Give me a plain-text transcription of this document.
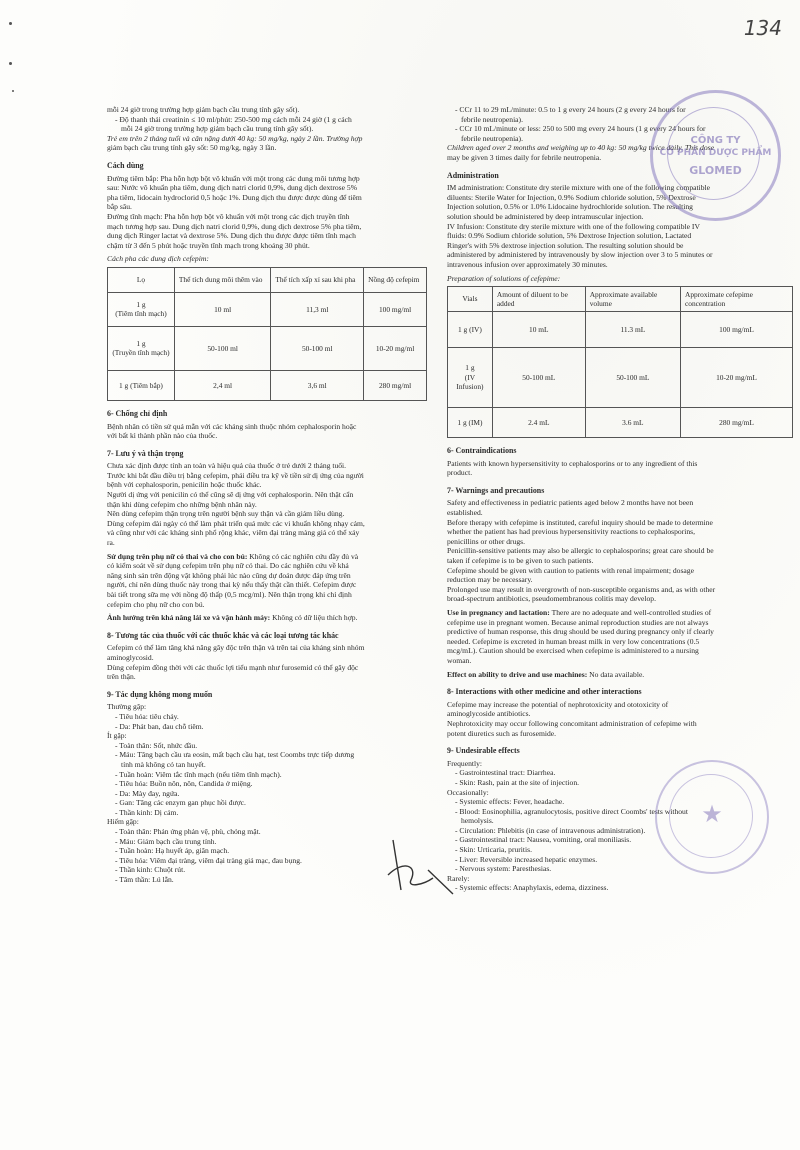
134

mỗi 24 giờ trong trường hợp giảm bạch cầu trung tính gây sốt).

- Độ thanh thải creatinin ≤ 10 ml/phút: 250-500 mg cách mỗi 24 giờ (1 g cách

mỗi 24 giờ trong trường hợp giảm bạch cầu trung tính gây sốt).

Trẻ em trên 2 tháng tuổi và cân nặng dưới 40 kg: 50 mg/kg, ngày 2 lần. Trường hợp

giảm bạch cầu trung tính gây sốt: 50 mg/kg, ngày 3 lần.

Cách dùng

Đường tiêm bắp: Pha hỗn hợp bột vô khuẩn với một trong các dung môi tương hợp

sau: Nước vô khuẩn pha tiêm, dung dịch natri clorid 0,9%, dung dịch dextrose 5%

pha tiêm, lidocain hydroclorid 0,5 hoặc 1%. Dung dịch thu được được dùng để tiêm

bắp sâu.

Đường tĩnh mạch: Pha hỗn hợp bột vô khuẩn với một trong các dịch truyền tĩnh

mạch tương hợp sau. Dung dịch natri clorid 0,9%, dung dịch dextrose 5% pha tiêm,

dung dịch Ringer lactat và dextrose 5%. Dung dịch thu được được tiêm tĩnh mạch

chậm từ 3 đến 5 phút hoặc truyền tĩnh mạch trong khoảng 30 phút.

Cách pha các dung dịch cefepim:

Lọ	Thể tích dung môi thêm vào	Thể tích xấp xỉ sau khi pha	Nồng độ cefepim

1 g
(Tiêm tĩnh mạch)	10 ml	11,3 ml	100 mg/ml

1 g
(Truyền tĩnh mạch)	50-100 ml	50-100 ml	10-20 mg/ml
1 g (Tiêm bắp)	2,4 ml	3,6 ml	280 mg/ml

6- Chống chỉ định

Bệnh nhân có tiền sử quá mẫn với các kháng sinh thuộc nhóm cephalosporin hoặc

với bất kì thành phần nào của thuốc.

7- Lưu ý và thận trọng

Chưa xác định được tính an toàn và hiệu quả của thuốc ở trẻ dưới 2 tháng tuổi.

Trước khi bắt đầu điều trị bằng cefepim, phải điều tra kỹ về tiền sử dị ứng của người

bệnh với cephalosporin, penicilin hoặc thuốc khác.

Người dị ứng với penicilin có thể cũng sẽ dị ứng với cephalosporin. Nên thật cẩn

thận khi dùng cefepim cho những bệnh nhân này.

Nên dùng cefepim thận trọng trên người bệnh suy thận và cần giảm liều dùng.

Dùng cefepim dài ngày có thể làm phát triển quá mức các vi khuẩn không nhạy cảm,

và cũng như với các kháng sinh phổ rộng khác, viêm đại tràng màng giả có thể xảy

ra.

Sử dụng trên phụ nữ có thai và cho con bú: Không có các nghiên cứu đầy đủ và

có kiểm soát về sử dụng cefepim trên phụ nữ có thai. Do các nghiên cứu về khả

năng sinh sản trên động vật không phải lúc nào cũng dự đoán được đáp ứng trên

người, chỉ nên dùng thuốc này trong thai kỳ nếu thấy thật cần thiết. Cefepim được

bài tiết trong sữa mẹ với nồng độ thấp (0,5 mcg/ml). Nên thận trọng khi chỉ định

cefepim cho phụ nữ cho con bú.

Ảnh hưởng trên khả năng lái xe và vận hành máy: Không có dữ liệu thích hợp.

8- Tương tác của thuốc với các thuốc khác và các loại tương tác khác

Cefepim có thể làm tăng khả năng gây độc trên thận và trên tai của kháng sinh nhóm

aminoglycosid.

Dùng cefepim đồng thời với các thuốc lợi tiểu mạnh như furosemid có thể gây độc

trên thận.

9- Tác dụng không mong muốn

Thường gặp:

- Tiêu hóa: tiêu chảy.

- Da: Phát ban, đau chỗ tiêm.

Ít gặp:

- Toàn thân: Sốt, nhức đầu.

- Máu: Tăng bạch cầu ưa eosin, mất bạch cầu hạt, test Coombs trực tiếp dương

tính mà không có tan huyết.

- Tuần hoàn: Viêm tắc tĩnh mạch (nếu tiêm tĩnh mạch).

- Tiêu hóa: Buồn nôn, nôn, Candida ở miệng.

- Da: Mày đay, ngứa.

- Gan: Tăng các enzym gan phục hồi được.

- Thần kinh: Dị cảm.

Hiếm gặp:

- Toàn thân: Phản ứng phản vệ, phù, chóng mặt.

- Máu: Giảm bạch cầu trung tính.

- Tuần hoàn: Hạ huyết áp, giãn mạch.

- Tiêu hóa: Viêm đại tràng, viêm đại tràng giả mạc, đau bụng.

- Thần kinh: Chuột rút.

- Tâm thần: Lú lẫn.

- CCr 11 to 29 mL/minute: 0.5 to 1 g every 24 hours (2 g every 24 hours for

febrile neutropenia).

- CCr 10 mL/minute or less: 250 to 500 mg every 24 hours (1 g every 24 hours for

febrile neutropenia).

Children aged over 2 months and weighing up to 40 kg: 50 mg/kg twice daily. This dose

may be given 3 times daily for febrile neutropenia.

Administration

IM administration: Constitute dry sterile mixture with one of the following compatible

diluents: Sterile Water for Injection, 0.9% Sodium chloride solution, 5% Dextrose

Injection solution, 0.5% or 1.0% Lidocaine hydrochloride solution. The resulting

solution should be administered by deep intramuscular injection.

IV Infusion: Constitute dry sterile mixture with one of the following compatible IV

fluids: 0.9% Sodium chloride solution, 5% Dextrose Injection solution, Lactated

Ringer's with 5% dextrose injection solution. The resulting solution should be

administered by administered by intravenously by slow injection over 3 to 5 minutes or

intravenous infusion over approximately 30 minutes.

Preparation of solutions of cefepime:

Vials	Amount of diluent to be added	Approximate available volume	Approximate cefepime concentration
1 g (IV)	10 mL	11.3 mL	100 mg/mL

1 g
(IV Infusion)	50-100 mL	50-100 mL	10-20 mg/mL
1 g (IM)	2.4 mL	3.6 mL	280 mg/mL

6- Contraindications

Patients with known hypersensitivity to cephalosporins or to any ingredient of this

product.

7- Warnings and precautions

Safety and effectiveness in pediatric patients aged below 2 months have not been

established.

Before therapy with cefepime is instituted, careful inquiry should be made to determine

whether the patient has had previous hypersensitivity reactions to cephalosporins,

penicillins or other drugs.

Penicillin-sensitive patients may also be allergic to cephalosporins; great care should be

taken if cefepime is to be given to such patients.

Cefepime should be given with caution to patients with renal impairment; dosage

reduction may be necessary.

Prolonged use may result in overgrowth of non-susceptible organisms and, as with other

broad-spectrum antibiotics, pseudomembranous colitis may develop.

Use in pregnancy and lactation: There are no adequate and well-controlled studies of

cefepime use in pregnant women. Because animal reproduction studies are not always

predictive of human response, this drug should be used during pregnancy only if clearly

needed. Cefepime is excreted in human breast milk in very low concentrations (0.5

mcg/mL). Caution should be exercised when cefepime is administered to a nursing

woman.

Effect on ability to drive and use machines: No data available.

8- Interactions with other medicine and other interactions

Cefepime may increase the potential of nephrotoxicity and ototoxicity of

aminoglycoside antibiotics.

Nephrotoxicity may occur following concomitant administration of cefepime with

potent diuretics such as furosemide.

9- Undesirable effects

Frequently:

- Gastrointestinal tract: Diarrhea.

- Skin: Rash, pain at the site of injection.

Occasionally:

- Systemic effects: Fever, headache.

- Blood: Eosinophilia, agranulocytosis, positive direct Coombs' tests without

hemolysis.

- Circulation: Phlebitis (in case of intravenous administration).

- Gastrointestinal tract: Nausea, vomiting, oral moniliasis.

- Skin: Urticaria, pruritis.

- Liver: Reversible increased hepatic enzymes.

- Nervous system: Paresthesias.

Rarely:

- Systemic effects: Anaphylaxis, edema, dizziness.

CÔNG TY
CỔ PHẦN DƯỢC PHẨM
GLOMED
★
